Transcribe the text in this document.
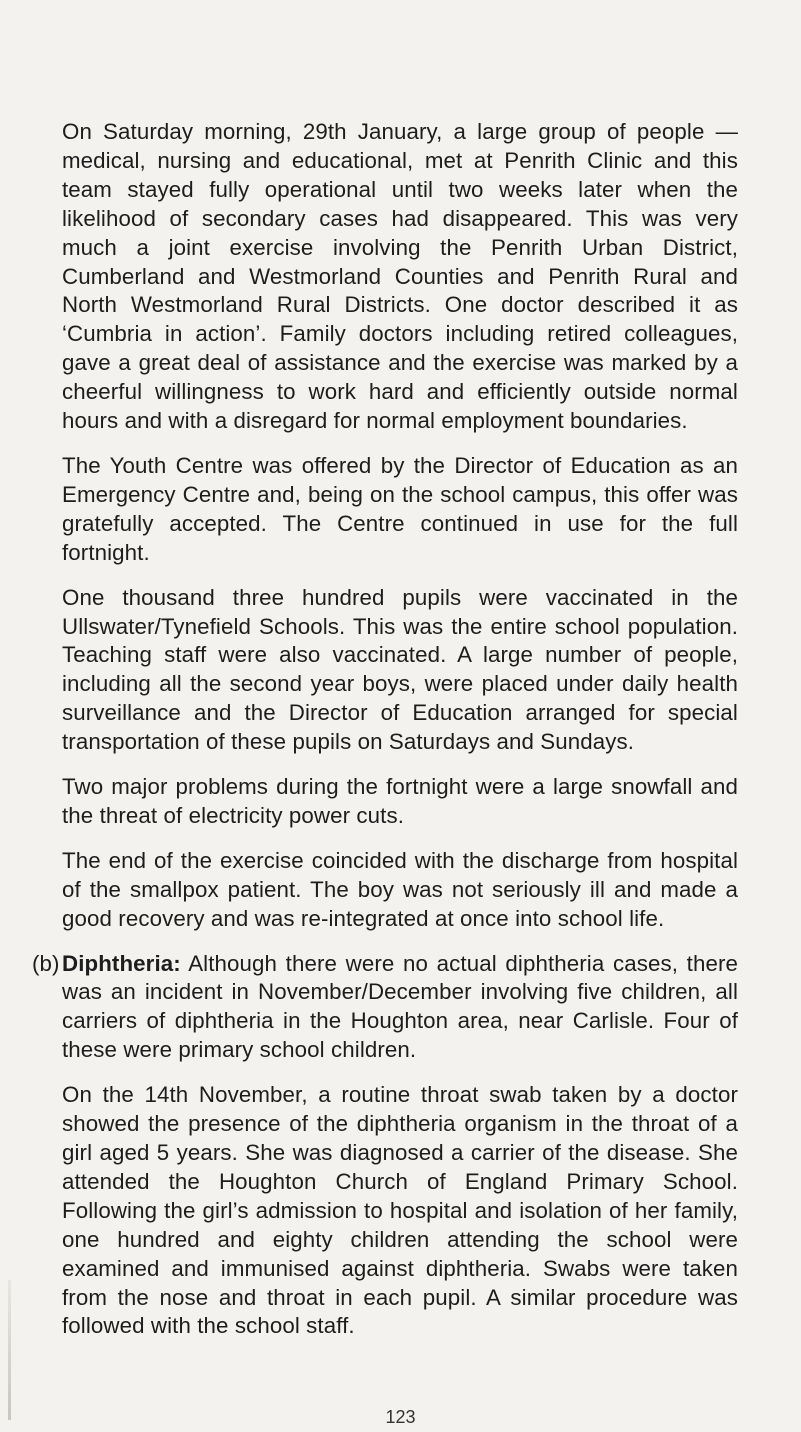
On Saturday morning, 29th January, a large group of people — medical, nursing and educational, met at Penrith Clinic and this team stayed fully operational until two weeks later when the likelihood of secondary cases had disappeared. This was very much a joint exercise involving the Penrith Urban District, Cumberland and Westmorland Counties and Penrith Rural and North Westmorland Rural Districts. One doctor described it as ‘Cumbria in action’. Family doctors including retired colleagues, gave a great deal of assistance and the exercise was marked by a cheerful willingness to work hard and efficiently outside normal hours and with a disregard for normal employment boundaries.

The Youth Centre was offered by the Director of Education as an Emergency Centre and, being on the school campus, this offer was gratefully accepted. The Centre continued in use for the full fortnight.

One thousand three hundred pupils were vaccinated in the Ullswater/Tynefield Schools. This was the entire school population. Teaching staff were also vaccinated. A large number of people, including all the second year boys, were placed under daily health surveillance and the Director of Education arranged for special transportation of these pupils on Saturdays and Sundays.

Two major problems during the fortnight were a large snowfall and the threat of electricity power cuts.

The end of the exercise coincided with the discharge from hospital of the smallpox patient. The boy was not seriously ill and made a good recovery and was re-integrated at once into school life.

(b) Diphtheria: Although there were no actual diphtheria cases, there was an incident in November/December involving five children, all carriers of diphtheria in the Houghton area, near Carlisle. Four of these were primary school children.

On the 14th November, a routine throat swab taken by a doctor showed the presence of the diphtheria organism in the throat of a girl aged 5 years. She was diagnosed a carrier of the disease. She attended the Houghton Church of England Primary School. Following the girl’s admission to hospital and isolation of her family, one hundred and eighty children attending the school were examined and immunised against diphtheria. Swabs were taken from the nose and throat in each pupil. A similar procedure was followed with the school staff.

123
